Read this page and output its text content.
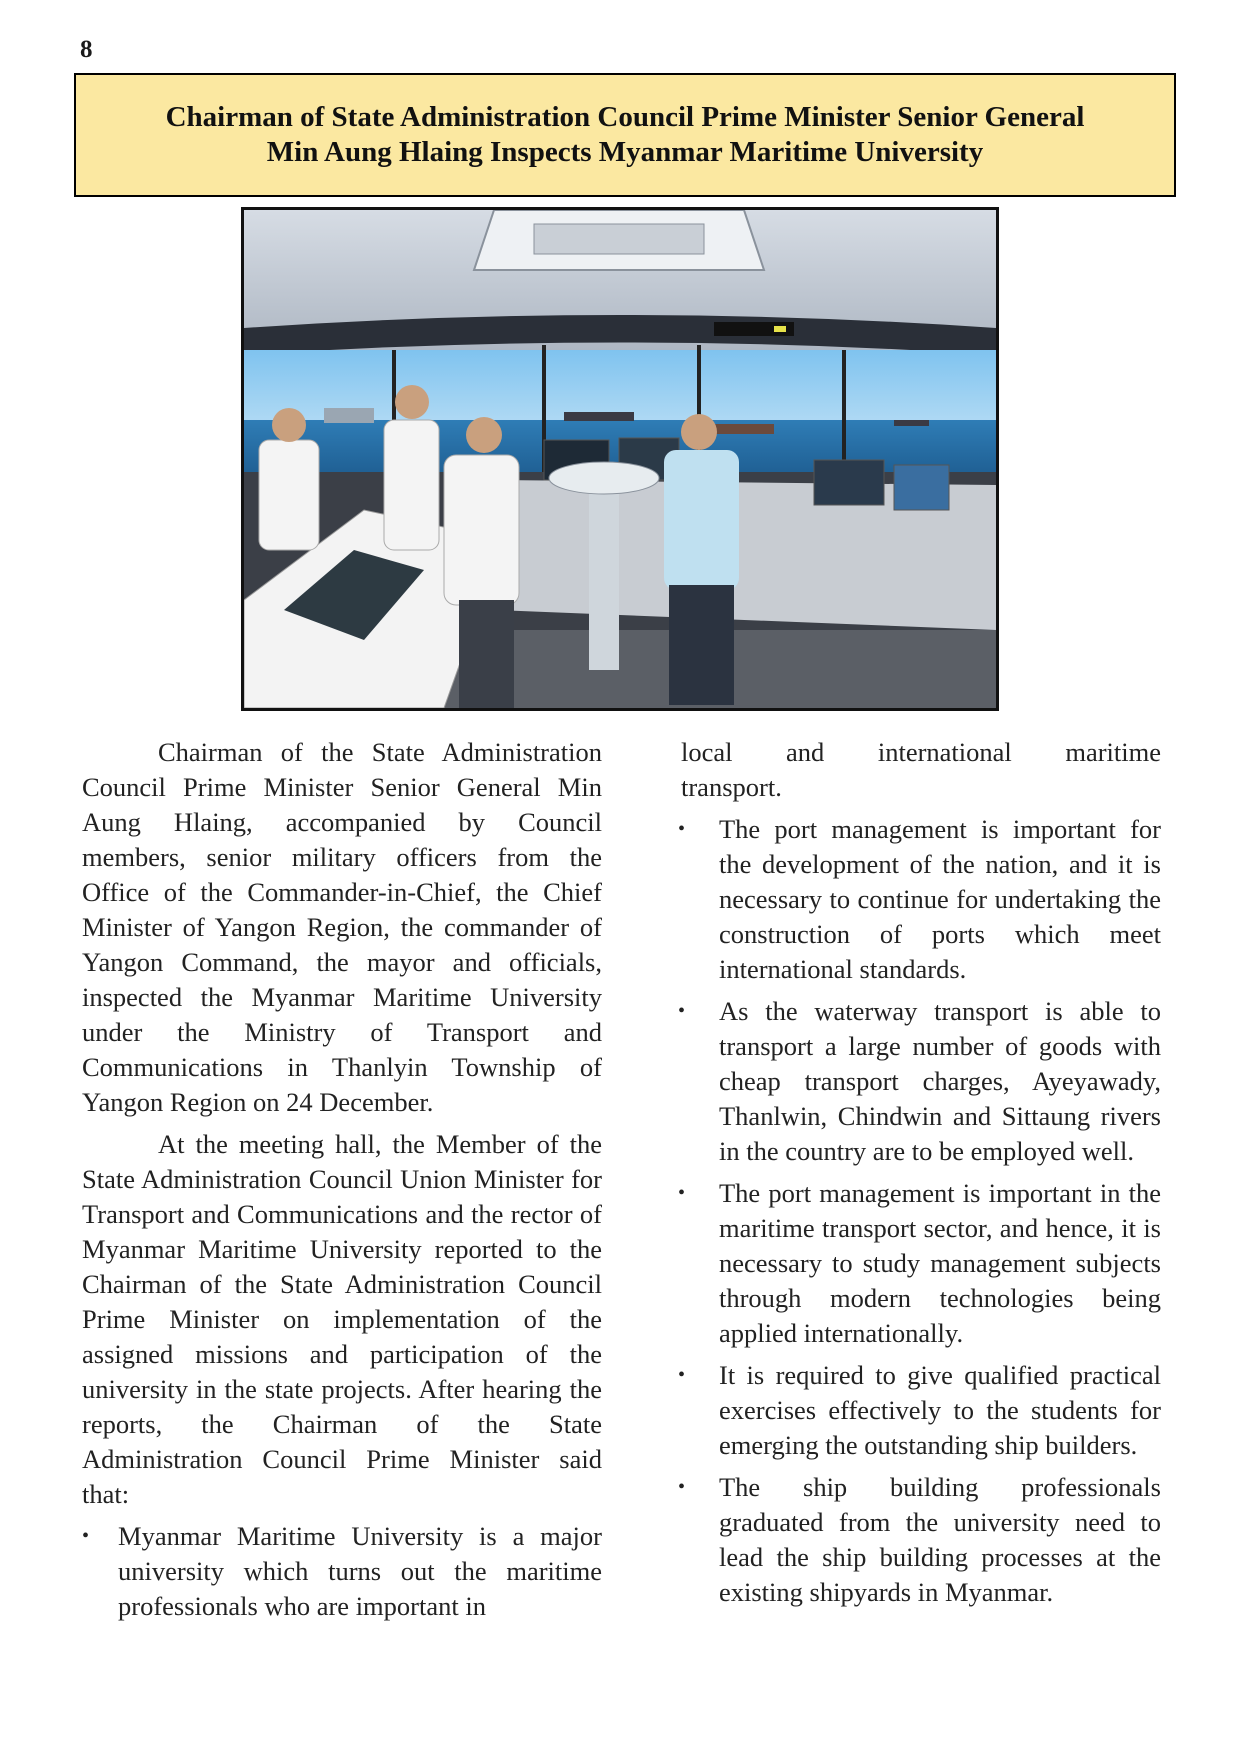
8
Chairman of State Administration Council Prime Minister Senior General
Min Aung Hlaing Inspects Myanmar Maritime University

Chairman of the State Administration Council Prime Minister Senior General Min Aung Hlaing, accompanied by Council members, senior military officers from the Office of the Commander-in-Chief, the Chief Minister of Yangon Region, the commander of Yangon Command, the mayor and officials, inspected the Myanmar Maritime University under the Ministry of Transport and Communications in Thanlyin Township of Yangon Region on 24 December.

At the meeting hall, the Member of the State Administration Council Union Minister for Transport and Communications and the rector of Myanmar Maritime University reported to the Chairman of the State Administration Council Prime Minister on implementation of the assigned missions and participation of the university in the state projects. After hearing the reports, the Chairman of the State Administration Council Prime Minister said that:

• Myanmar Maritime University is a major university which turns out the maritime professionals who are important in
local and international maritime
transport.
• The port management is important for the development of the nation, and it is necessary to continue for undertaking the construction of ports which meet international standards.
• As the waterway transport is able to transport a large number of goods with cheap transport charges, Ayeyawady, Thanlwin, Chindwin and Sittaung rivers in the country are to be employed well.
• The port management is important in the maritime transport sector, and hence, it is necessary to study management subjects through modern technologies being applied internationally.
• It is required to give qualified practical exercises effectively to the students for emerging the outstanding ship builders.
• The ship building professionals graduated from the university need to lead the ship building processes at the existing shipyards in Myanmar.
